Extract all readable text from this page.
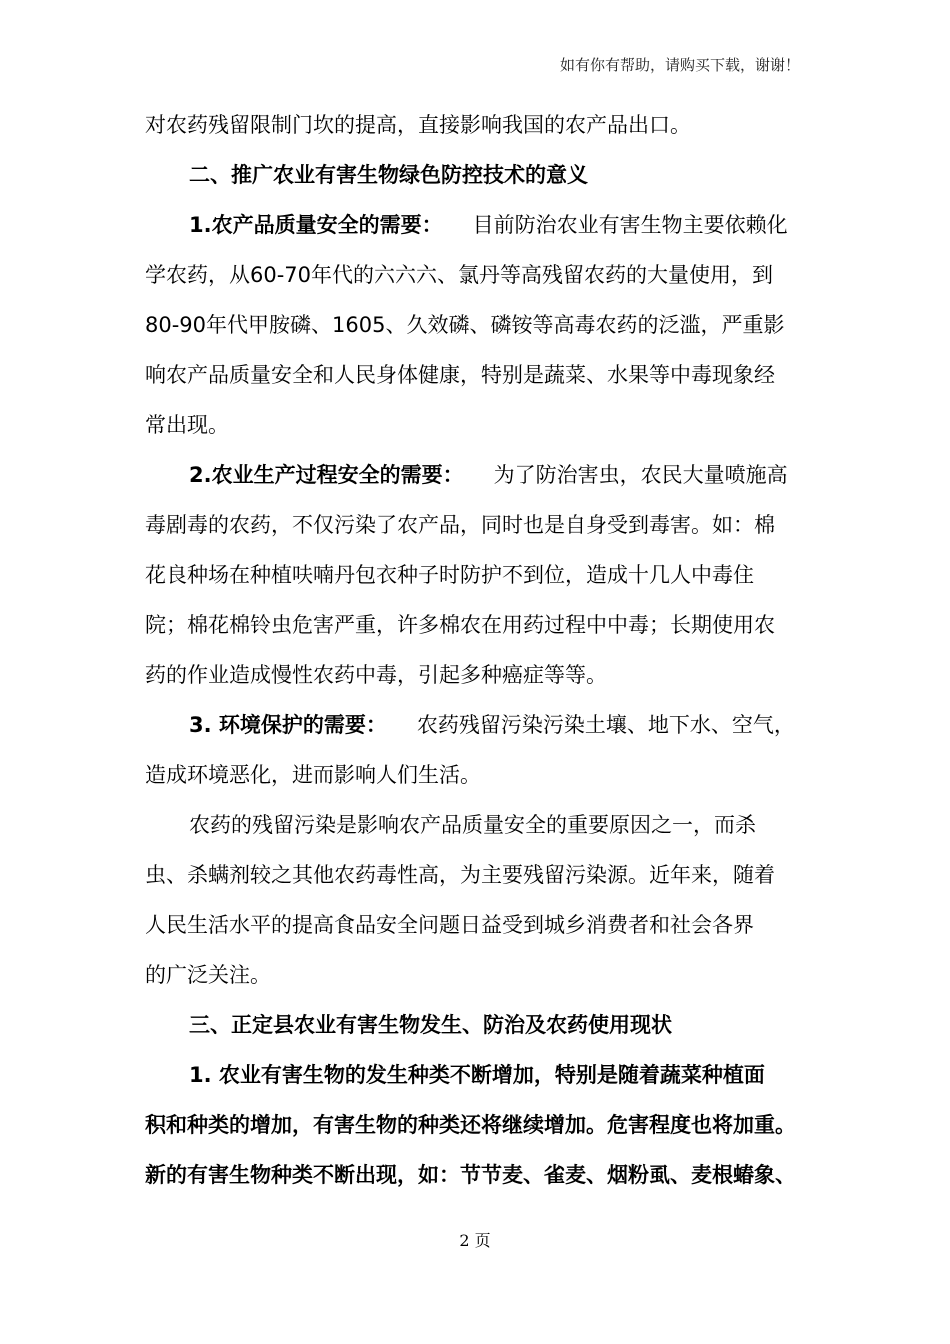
如有你有帮助，请购买下载，谢谢！
对农药残留限制门坎的提高，直接影响我国的农产品出口。
二、推广农业有害生物绿色防控技术的意义
1.农产品质量安全的需要： 目前防治农业有害生物主要依赖化
学农药，从60-70年代的六六六、氯丹等高残留农药的大量使用，到
80-90年代甲胺磷、1605、久效磷、磷铵等高毒农药的泛滥，严重影
响农产品质量安全和人民身体健康，特别是蔬菜、水果等中毒现象经
常出现。
2.农业生产过程安全的需要： 为了防治害虫，农民大量喷施高
毒剧毒的农药，不仅污染了农产品，同时也是自身受到毒害。如：棉
花良种场在种植呋喃丹包衣种子时防护不到位，造成十几人中毒住
院；棉花棉铃虫危害严重，许多棉农在用药过程中中毒；长期使用农
药的作业造成慢性农药中毒，引起多种癌症等等。
3. 环境保护的需要： 农药残留污染污染土壤、地下水、空气，
造成环境恶化，进而影响人们生活。
农药的残留污染是影响农产品质量安全的重要原因之一，而杀
虫、杀螨剂较之其他农药毒性高，为主要残留污染源。近年来，随着
人民生活水平的提高食品安全问题日益受到城乡消费者和社会各界
的广泛关注。
三、正定县农业有害生物发生、防治及农药使用现状
1. 农业有害生物的发生种类不断增加，特别是随着蔬菜种植面
积和种类的增加，有害生物的种类还将继续增加。危害程度也将加重。
新的有害生物种类不断出现，如：节节麦、雀麦、烟粉虱、麦根蝽象、
2 页
